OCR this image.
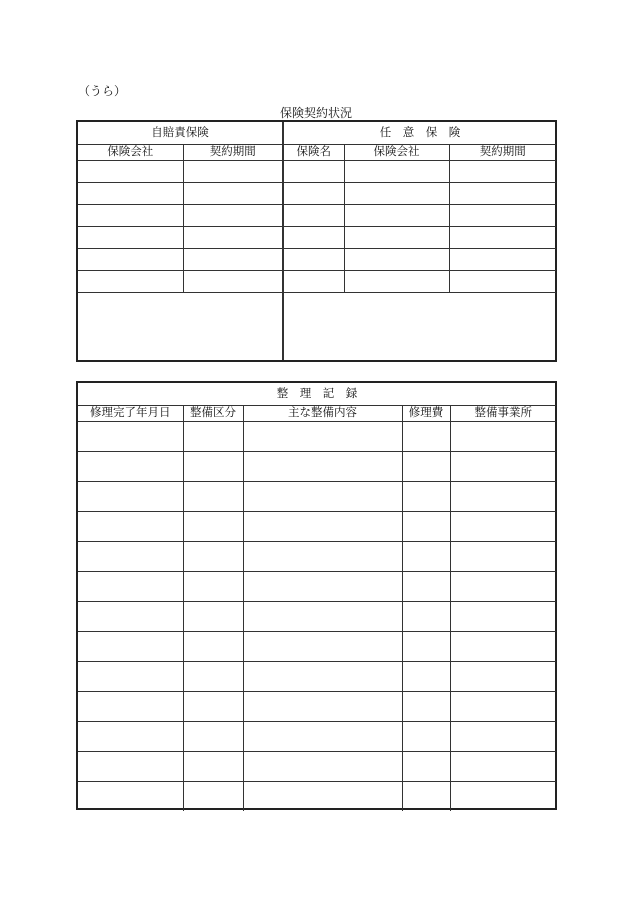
（うら）
保険契約状況
自賠責保険	
保険会社	契約期間

任　意　保　険		
保険名	保険会社	契約期間

整　理　記　録				
修理完了年月日	整備区分	主な整備内容	修理費	整備事業所
